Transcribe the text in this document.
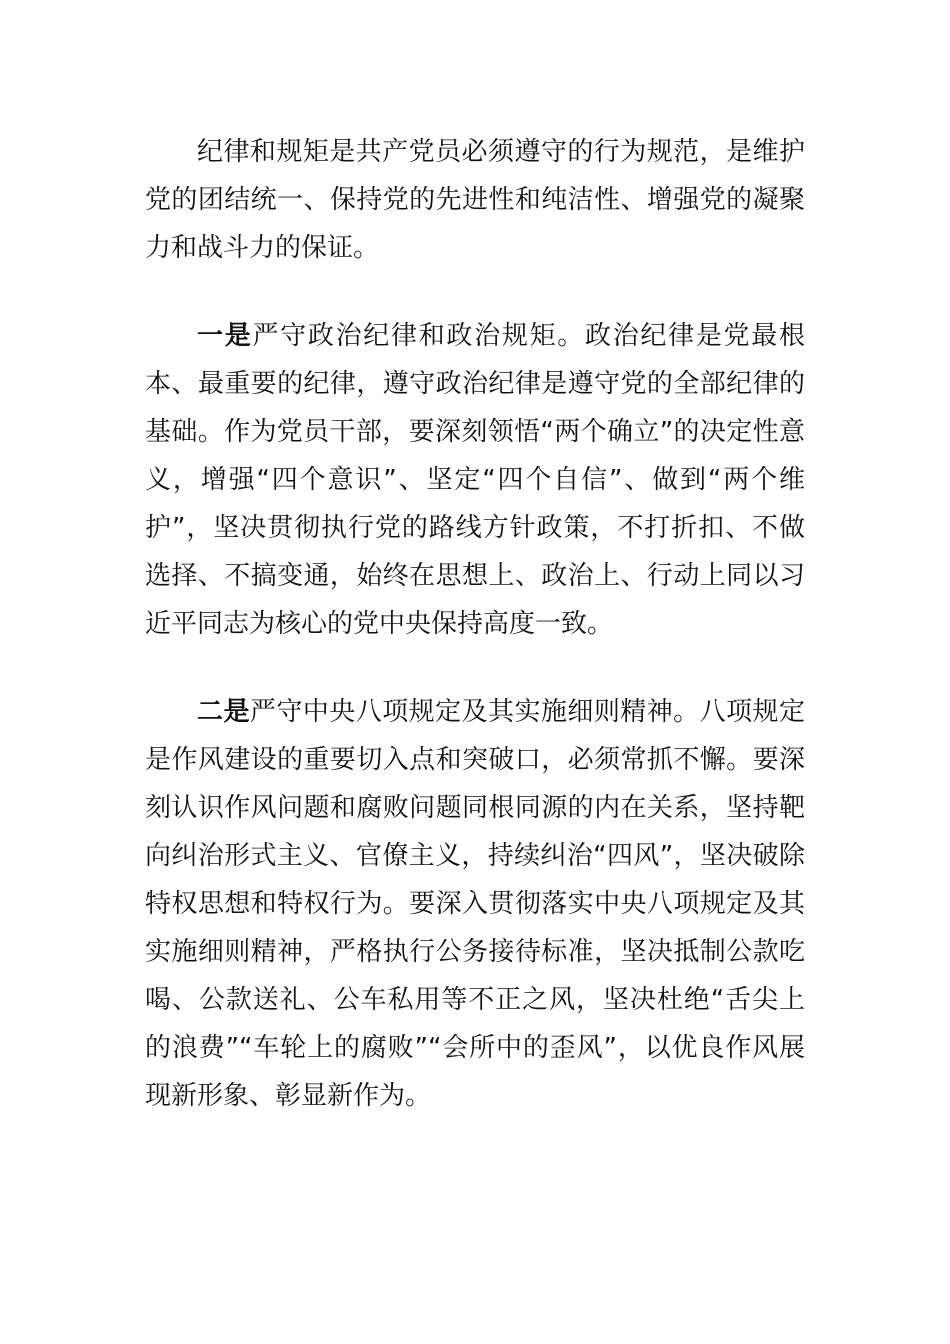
纪律和规矩是共产党员必须遵守的行为规范，是维护党的团结统一、保持党的先进性和纯洁性、增强党的凝聚力和战斗力的保证。

一是严守政治纪律和政治规矩。政治纪律是党最根本、最重要的纪律，遵守政治纪律是遵守党的全部纪律的基础。作为党员干部，要深刻领悟“两个确立”的决定性意义，增强“四个意识”、坚定“四个自信”、做到“两个维护”，坚决贯彻执行党的路线方针政策，不打折扣、不做选择、不搞变通，始终在思想上、政治上、行动上同以习近平同志为核心的党中央保持高度一致。

二是严守中央八项规定及其实施细则精神。八项规定是作风建设的重要切入点和突破口，必须常抓不懈。要深刻认识作风问题和腐败问题同根同源的内在关系，坚持靶向纠治形式主义、官僚主义，持续纠治“四风”，坚决破除特权思想和特权行为。要深入贯彻落实中央八项规定及其实施细则精神，严格执行公务接待标准，坚决抵制公款吃喝、公款送礼、公车私用等不正之风，坚决杜绝“舌尖上的浪费”“车轮上的腐败”“会所中的歪风”，以优良作风展现新形象、彰显新作为。
